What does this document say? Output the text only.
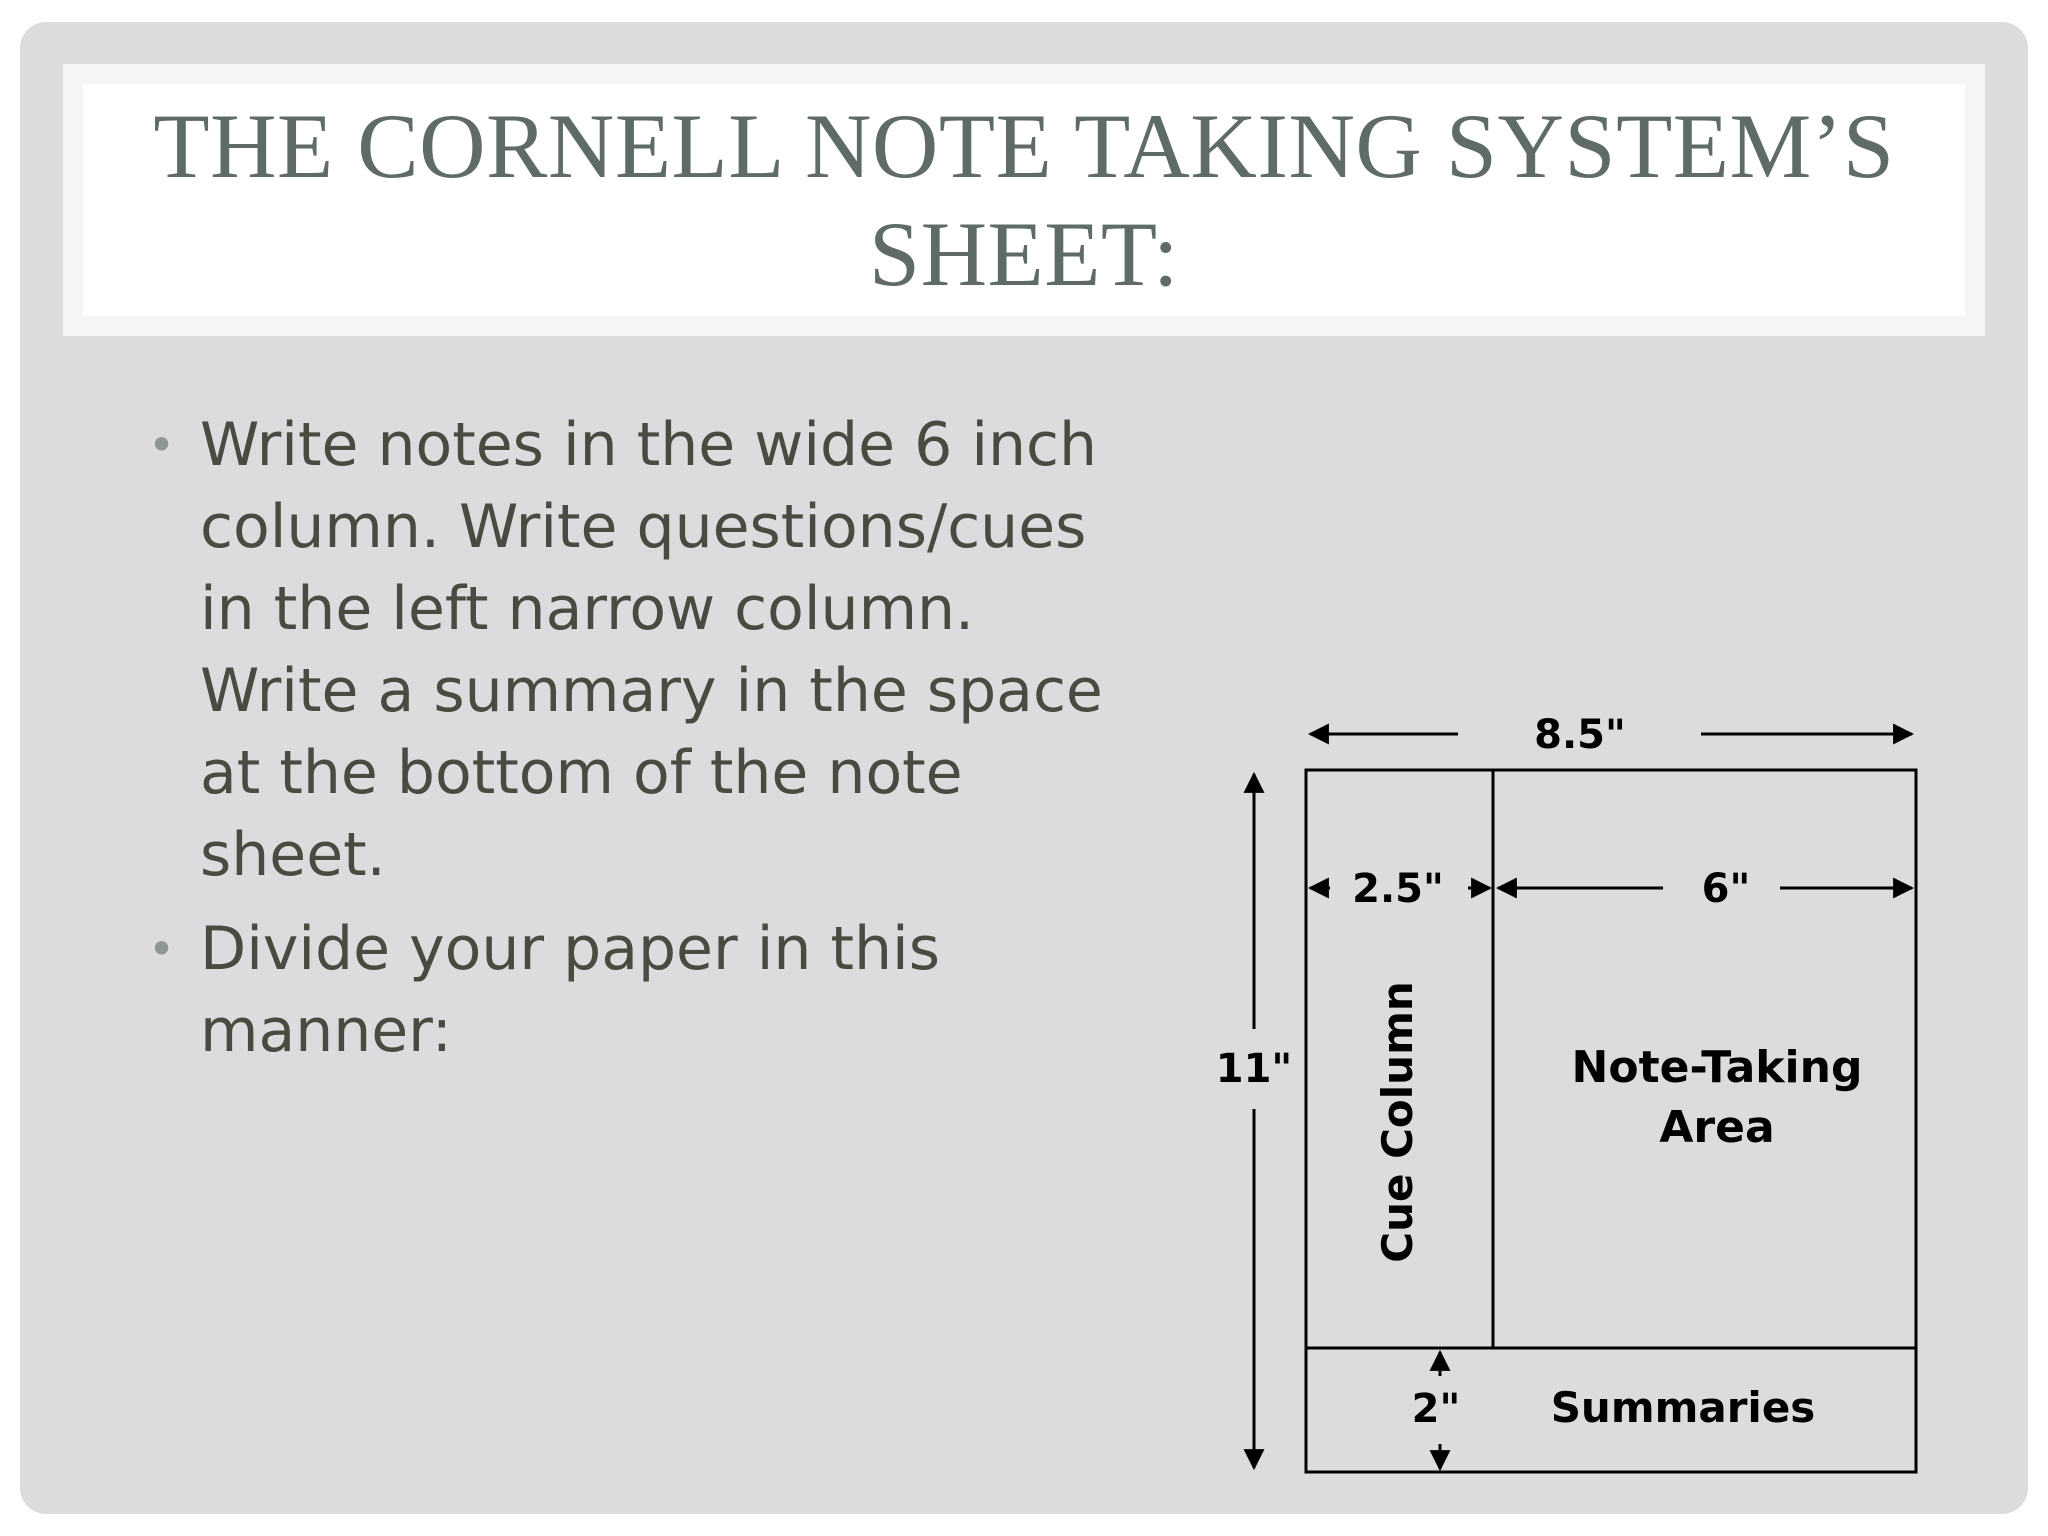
THE CORNELL NOTE TAKING SYSTEM’S
SHEET:
• Write notes in the wide 6 inch
column. Write questions/cues
in the left narrow column.
Write a summary in the space
at the bottom of the note
sheet.
• Divide your paper in this
manner:
8.5"
2.5"	6"
11"
2"
Cue Column	Note-Taking
Area
Summaries
